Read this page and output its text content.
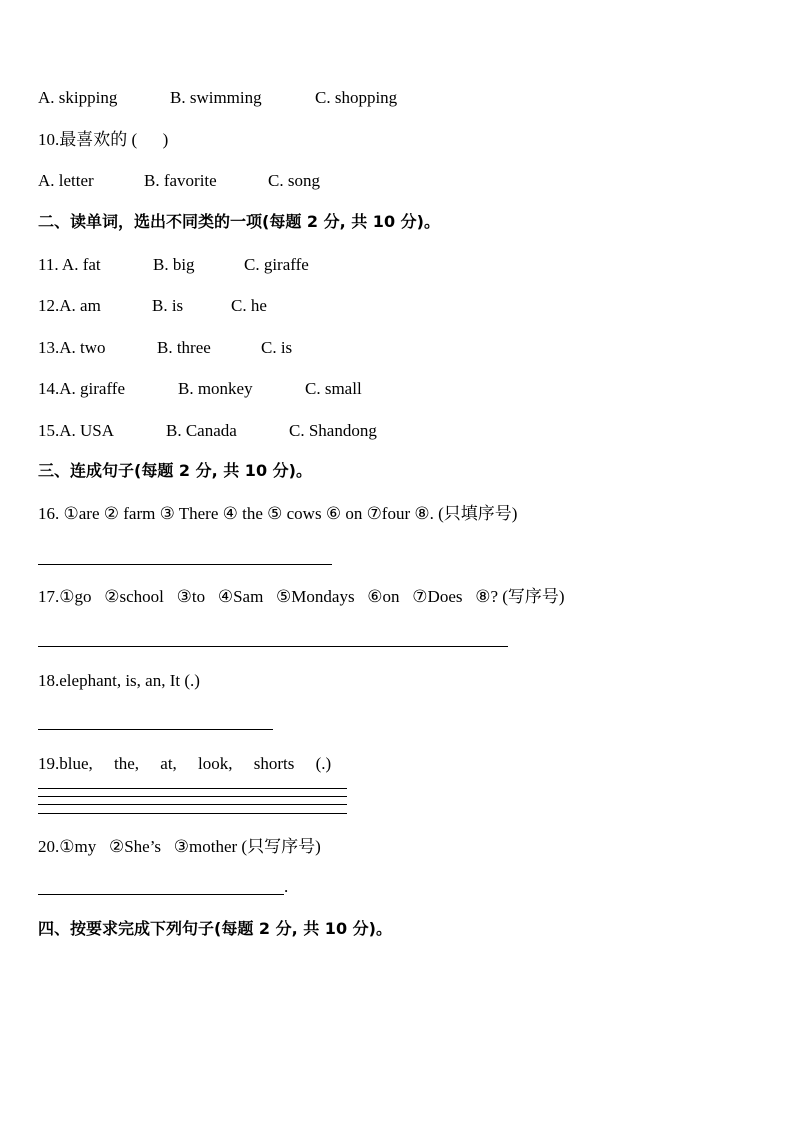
A. skipping	B. swimming	C. shopping
10.最喜欢的 (      )
A. letter	B. favorite	C. song
二、读单词，选出不同类的一项(每题 2 分, 共 10 分)。
11. A. fat	B. big	C. giraffe
12.A. am	B. is	C. he
13.A. two	B. three	C. is
14.A. giraffe	B. monkey	C. small
15.A. USA	B. Canada	C. Shandong
三、连成句子(每题 2 分, 共 10 分)。
16. ①are ② farm ③ There ④ the ⑤ cows ⑥ on ⑦four ⑧. (只填序号)
17.①go   ②school   ③to   ④Sam   ⑤Mondays   ⑥on   ⑦Does   ⑧? (写序号)
18.elephant, is, an, It (.)
19.blue,     the,     at,     look,     shorts     (.)
20.①my   ②She’s   ③mother (只写序号)
.
四、按要求完成下列句子(每题 2 分, 共 10 分)。
